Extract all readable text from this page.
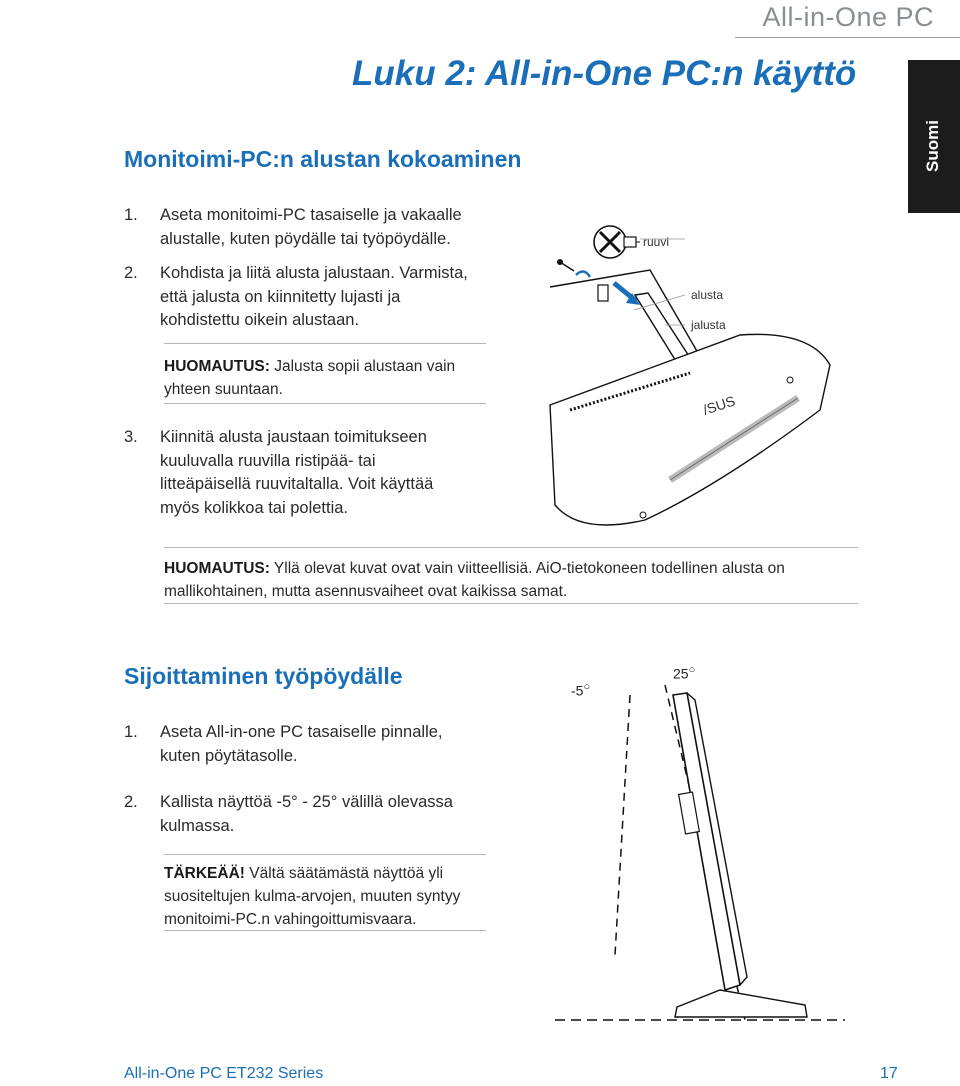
All-in-One PC
Luku 2: All-in-One PC:n käyttö
Suomi
Monitoimi-PC:n alustan kokoaminen
1. Aseta monitoimi-PC tasaiselle ja vakaalle
alustalle, kuten pöydälle tai työpöydälle.
2. Kohdista ja liitä alusta jalustaan. Varmista,
että jalusta on kiinnitetty lujasti ja
kohdistettu oikein alustaan.
HUOMAUTUS: Jalusta sopii alustaan vain
yhteen suuntaan.
3. Kiinnitä alusta jaustaan toimitukseen
kuuluvalla ruuvilla ristipää- tai
litteäpäisellä ruuvitaltalla. Voit käyttää
myös kolikkoa tai polettia.
/SUS
ruuvi
alusta
jalusta
HUOMAUTUS: Yllä olevat kuvat ovat vain viitteellisiä. AiO-tietokoneen todellinen alusta on
mallikohtainen, mutta asennusvaiheet ovat kaikissa samat.
Sijoittaminen työpöydälle
1. Aseta All-in-one PC tasaiselle pinnalle,
kuten pöytätasolle.
2. Kallista näyttöä -5° - 25° välillä olevassa
kulmassa.
TÄRKEÄÄ! Vältä säätämästä näyttöä yli
suositeltujen kulma-arvojen, muuten syntyy
monitoimi-PC.n vahingoittumisvaara.
-5○
25○
All-in-One PC ET232 Series	17
